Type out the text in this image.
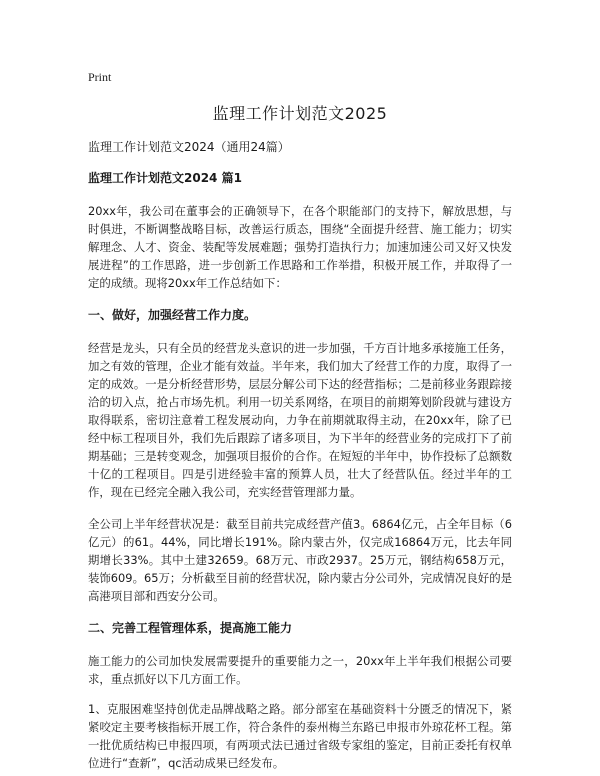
Print
监理工作计划范文2025
监理工作计划范文2024（通用24篇）
监理工作计划范文2024 篇1

20xx年，我公司在董事会的正确领导下，在各个职能部门的支持下，解放思想，与时俱进，不断调整战略目标，改善运行质态，围绕“全面提升经营、施工能力；切实解理念、人才、资金、装配等发展难题；强势打造执行力；加速加速公司又好又快发展进程”的工作思路，进一步创新工作思路和工作举措，积极开展工作，并取得了一定的成绩。现将20xx年工作总结如下：

一、做好，加强经营工作力度。

经营是龙头，只有全员的经营龙头意识的进一步加强，千方百计地多承接施工任务，加之有效的管理，企业才能有效益。半年来，我们加大了经营工作的力度，取得了一定的成效。一是分析经营形势，层层分解公司下达的经营指标；二是前移业务跟踪接洽的切入点，抢占市场先机。利用一切关系网络，在项目的前期筹划阶段就与建设方取得联系，密切注意着工程发展动向，力争在前期就取得主动，在20xx年，除了已经中标工程项目外，我们先后跟踪了诸多项目，为下半年的经营业务的完成打下了前期基础；三是转变观念，加强项目报价的合作。在短短的半年中，协作投标了总额数十亿的工程项目。四是引进经验丰富的预算人员，壮大了经营队伍。经过半年的工作，现在已经完全融入我公司，充实经营管理部力量。

全公司上半年经营状况是：截至目前共完成经营产值3。6864亿元，占全年目标（6亿元）的61。44%，同比增长191%。除内蒙古外，仅完成16864万元，比去年同期增长33%。其中土建32659。68万元、市政2937。25万元，钢结构658万元，装饰609。65万；分析截至目前的经营状况，除内蒙古分公司外，完成情况良好的是高港项目部和西安分公司。

二、完善工程管理体系，提高施工能力

施工能力的公司加快发展需要提升的重要能力之一，20xx年上半年我们根据公司要求，重点抓好以下几方面工作。

1、克服困难坚持创优走品牌战略之路。部分部室在基础资料十分匮乏的情况下，紧紧咬定主要考核指标开展工作，符合条件的泰州梅兰东路已申报市外琼花杯工程。第一批优质结构已申报四项，有两项式法已通过省级专家组的鉴定，目前正委托有权单位进行“查新”，qc活动成果已经发布。
